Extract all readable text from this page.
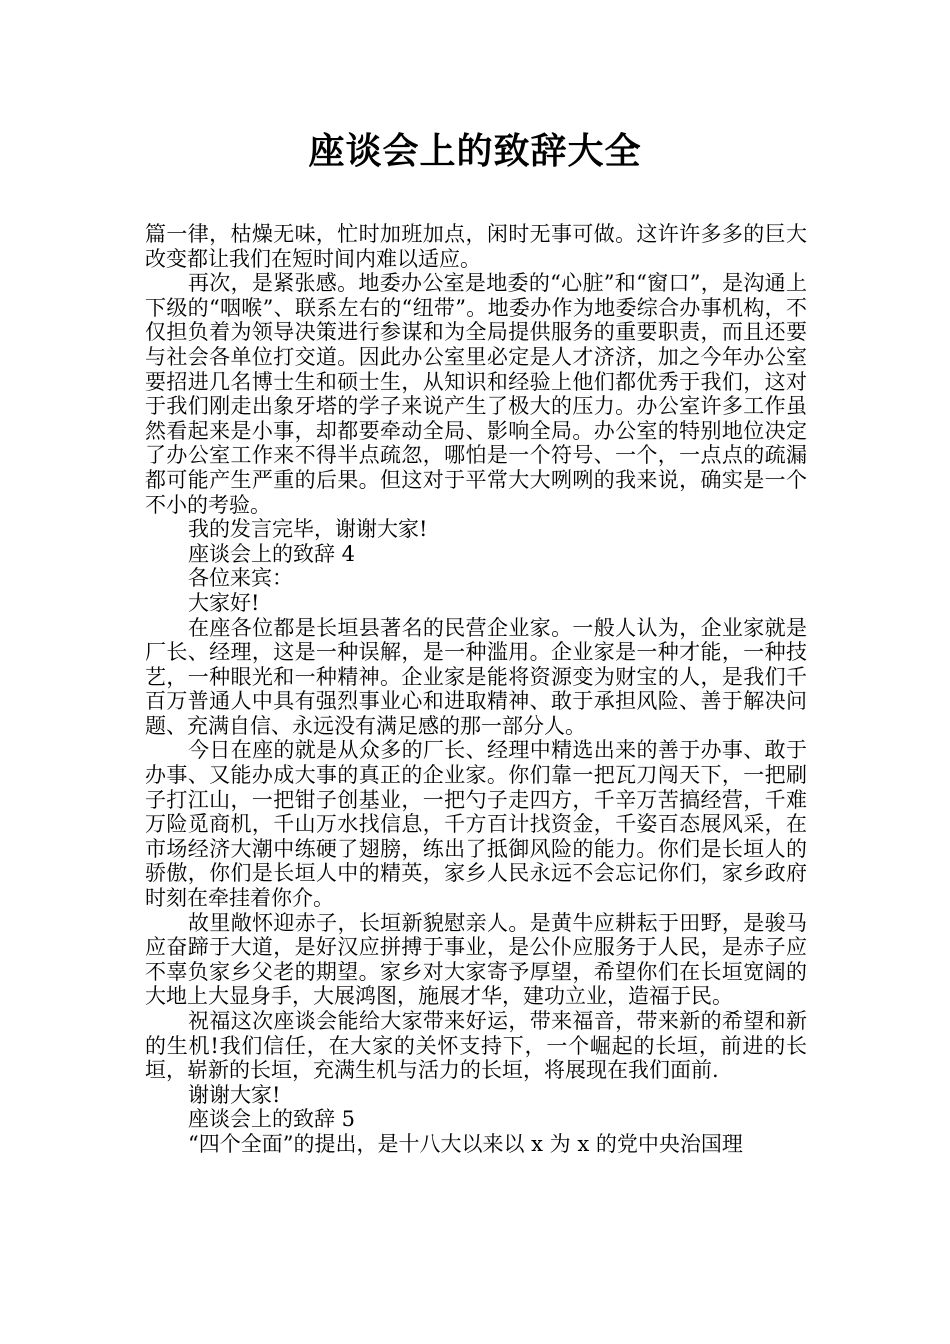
座谈会上的致辞大全

篇一律，枯燥无味，忙时加班加点，闲时无事可做。这许许多多的巨大改变都让我们在短时间内难以适应。

再次，是紧张感。地委办公室是地委的“心脏”和“窗口”，是沟通上下级的“咽喉”、联系左右的“纽带”。地委办作为地委综合办事机构，不仅担负着为领导决策进行参谋和为全局提供服务的重要职责，而且还要与社会各单位打交道。因此办公室里必定是人才济济，加之今年办公室要招进几名博士生和硕士生，从知识和经验上他们都优秀于我们，这对于我们刚走出象牙塔的学子来说产生了极大的压力。办公室许多工作虽然看起来是小事，却都要牵动全局、影响全局。办公室的特别地位决定了办公室工作来不得半点疏忽，哪怕是一个符号、一个，一点点的疏漏都可能产生严重的后果。但这对于平常大大咧咧的我来说，确实是一个不小的考验。

我的发言完毕，谢谢大家!

座谈会上的致辞 4

各位来宾：

大家好!

在座各位都是长垣县著名的民营企业家。一般人认为，企业家就是厂长、经理，这是一种误解，是一种滥用。企业家是一种才能，一种技艺，一种眼光和一种精神。企业家是能将资源变为财宝的人，是我们千百万普通人中具有强烈事业心和进取精神、敢于承担风险、善于解决问题、充满自信、永远没有满足感的那一部分人。

今日在座的就是从众多的厂长、经理中精选出来的善于办事、敢于办事、又能办成大事的真正的企业家。你们靠一把瓦刀闯天下，一把刷子打江山，一把钳子创基业，一把勺子走四方，千辛万苦搞经营，千难万险觅商机，千山万水找信息，千方百计找资金，千姿百态展风采，在市场经济大潮中练硬了翅膀，练出了抵御风险的能力。你们是长垣人的骄傲，你们是长垣人中的精英，家乡人民永远不会忘记你们，家乡政府时刻在牵挂着你介。

故里敞怀迎赤子，长垣新貌慰亲人。是黄牛应耕耘于田野，是骏马应奋蹄于大道，是好汉应拼搏于事业，是公仆应服务于人民，是赤子应不辜负家乡父老的期望。家乡对大家寄予厚望，希望你们在长垣宽阔的大地上大显身手，大展鸿图，施展才华，建功立业，造福于民。

祝福这次座谈会能给大家带来好运，带来福音，带来新的希望和新的生机!我们信任，在大家的关怀支持下，一个崛起的长垣，前进的长垣，崭新的长垣，充满生机与活力的长垣，将展现在我们面前.

谢谢大家!

座谈会上的致辞 5

“四个全面”的提出，是十八大以来以 x 为 x 的党中央治国理
